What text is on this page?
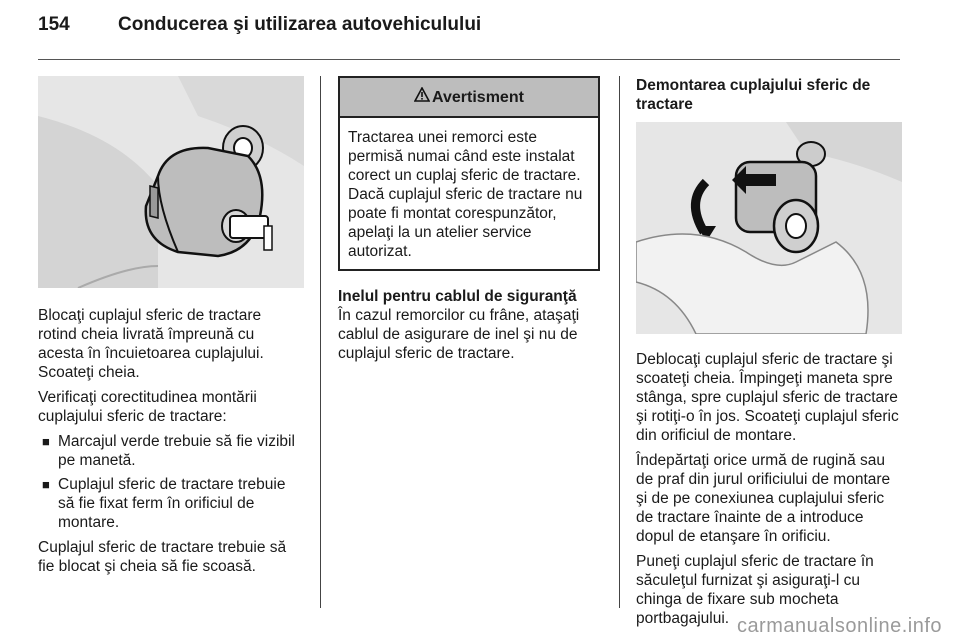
154	Conducerea şi utilizarea autovehiculului

Blocaţi cuplajul sferic de tractare rotind cheia livrată împreună cu acesta în încuietoarea cuplajului. Scoateţi cheia.

Verificaţi corectitudinea montării cuplajului sferic de tractare:

■ Marcajul verde trebuie să fie vizibil pe manetă.
■ Cuplajul sferic de tractare trebuie să fie fixat ferm în orificiul de montare.

Cuplajul sferic de tractare trebuie să fie blocat şi cheia să fie scoasă.

Avertisment
Tractarea unei remorci este permisă numai când este instalat corect un cuplaj sferic de tractare. Dacă cuplajul sferic de tractare nu poate fi montat corespunzător, apelaţi la un atelier service autorizat.
Inelul pentru cablul de siguranţă

În cazul remorcilor cu frâne, ataşaţi cablul de asigurare de inel şi nu de cuplajul sferic de tractare.

Demontarea cuplajului sferic de tractare

Deblocaţi cuplajul sferic de tractare şi scoateţi cheia. Împingeţi maneta spre stânga, spre cuplajul sferic de tractare şi rotiţi-o în jos. Scoateţi cuplajul sferic din orificiul de montare.

Îndepărtaţi orice urmă de rugină sau de praf din jurul orificiului de montare şi de pe conexiunea cuplajului sferic de tractare înainte de a introduce dopul de etanşare în orificiu.

Puneţi cuplajul sferic de tractare în săculeţul furnizat şi asiguraţi-l cu chinga de fixare sub mocheta portbagajului. carmanualsonline.info
